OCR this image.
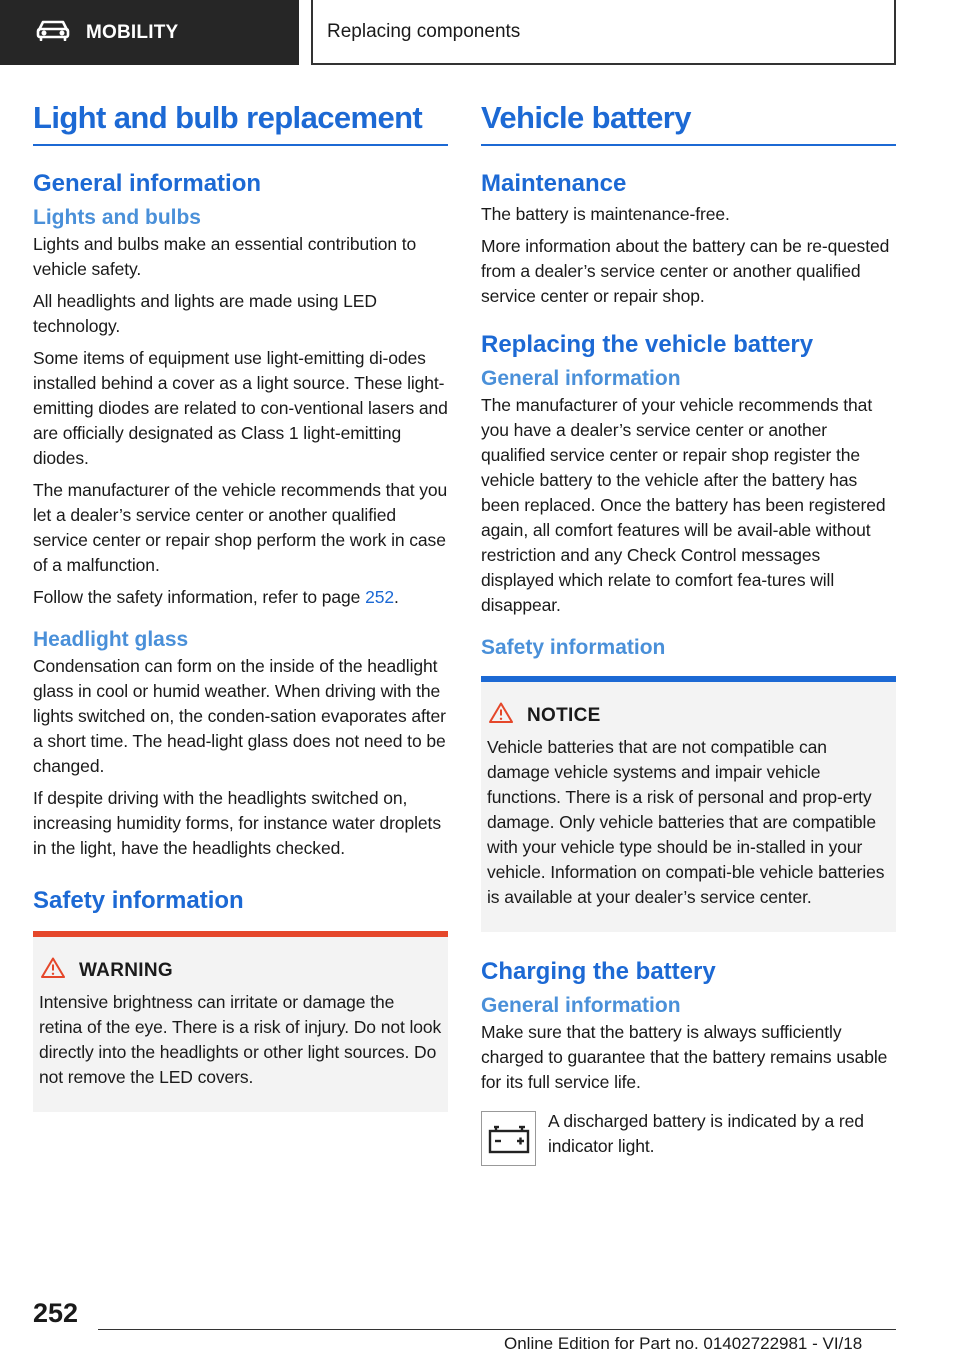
MOBILITY	Replacing components
Light and bulb replacement
General information
Lights and bulbs

Lights and bulbs make an essential contribution to vehicle safety.

All headlights and lights are made using LED technology.

Some items of equipment use light-emitting di-odes installed behind a cover as a light source. These light-emitting diodes are related to con-ventional lasers and are officially designated as Class 1 light-emitting diodes.

The manufacturer of the vehicle recommends that you let a dealer’s service center or another qualified service center or repair shop perform the work in case of a malfunction.

Follow the safety information, refer to page 252.

Headlight glass

Condensation can form on the inside of the headlight glass in cool or humid weather. When driving with the lights switched on, the conden-sation evaporates after a short time. The head-light glass does not need to be changed.

If despite driving with the headlights switched on, increasing humidity forms, for instance water droplets in the light, have the headlights checked.

Safety information
WARNING

Intensive brightness can irritate or damage the retina of the eye. There is a risk of injury. Do not look directly into the headlights or other light sources. Do not remove the LED covers.

Vehicle battery
Maintenance

The battery is maintenance-free.

More information about the battery can be re-quested from a dealer’s service center or another qualified service center or repair shop.

Replacing the vehicle battery
General information

The manufacturer of your vehicle recommends that you have a dealer’s service center or another qualified service center or repair shop register the vehicle battery to the vehicle after the battery has been replaced. Once the battery has been registered again, all comfort features will be avail-able without restriction and any Check Control messages displayed which relate to comfort fea-tures will disappear.

Safety information
NOTICE

Vehicle batteries that are not compatible can damage vehicle systems and impair vehicle functions. There is a risk of personal and prop-erty damage. Only vehicle batteries that are compatible with your vehicle type should be in-stalled in your vehicle. Information on compati-ble vehicle batteries is available at your dealer’s service center.

Charging the battery
General information

Make sure that the battery is always sufficiently charged to guarantee that the battery remains usable for its full service life.

A discharged battery is indicated by a red indicator light.

252
Online Edition for Part no. 01402722981 - VI/18
